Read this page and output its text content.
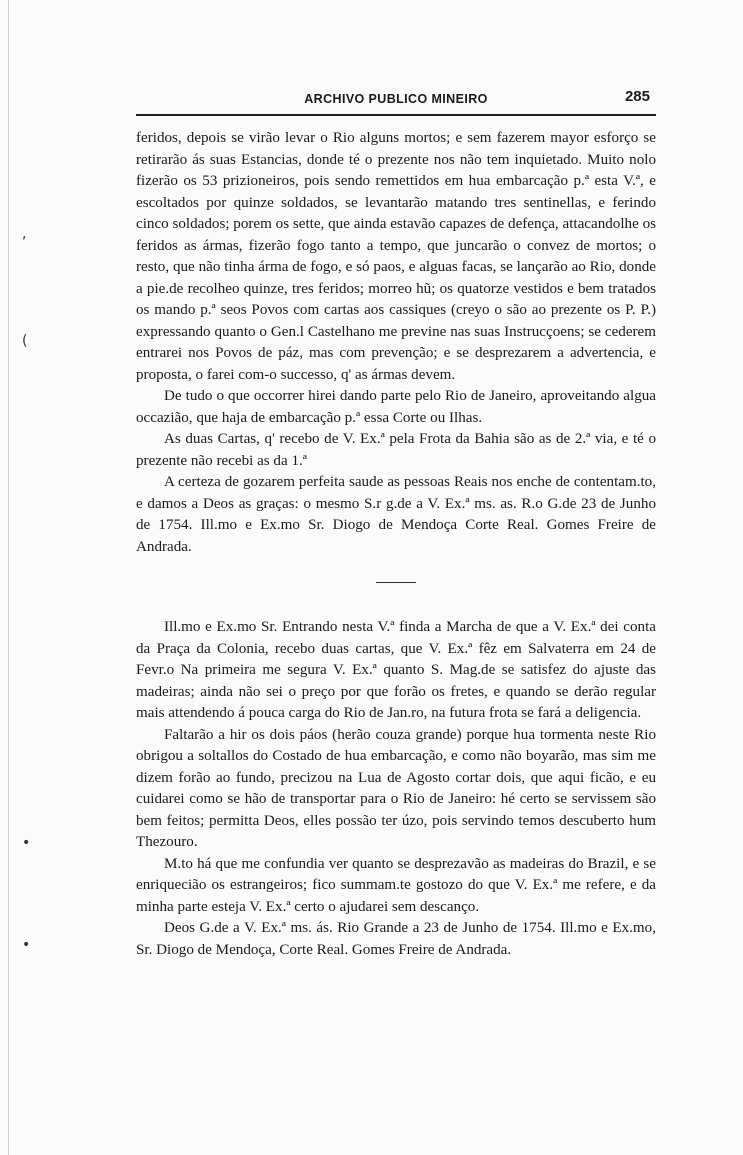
ARCHIVO PUBLICO MINEIRO	285
,
(
•
•

feridos, depois se virão levar o Rio alguns mortos; e sem fazerem mayor esforço se retirarão ás suas Estancias, donde té o prezente nos não tem inquietado. Muito nolo fizerão os 53 prizioneiros, pois sendo remettidos em hua embarcação p.ª esta V.ª, e escoltados por quinze soldados, se levantarão matando tres sentinellas, e ferindo cinco soldados; porem os sette, que ainda estavão capazes de defença, attacandolhe os feridos as ármas, fizerão fogo tanto a tempo, que juncarão o convez de mortos; o resto, que não tinha árma de fogo, e só paos, e alguas facas, se lançarão ao Rio, donde a pie.de recolheo quinze, tres feridos; morreo hũ; os quatorze vestidos e bem tratados os mando p.ª seos Povos com cartas aos cassiques (creyo o são ao prezente os P. P.) expressando quanto o Gen.l Castelhano me previne nas suas Instrucçoens; se cederem entrarei nos Povos de páz, mas com prevenção; e se desprezarem a advertencia, e proposta, o farei com-o successo, q' as ármas devem.

De tudo o que occorrer hirei dando parte pelo Rio de Janeiro, aproveitando algua occazião, que haja de embarcação p.ª essa Corte ou Ilhas.

As duas Cartas, q' recebo de V. Ex.ª pela Frota da Bahia são as de 2.ª via, e té o prezente não recebi as da 1.ª

A certeza de gozarem perfeita saude as pessoas Reais nos enche de contentam.to, e damos a Deos as graças: o mesmo S.r g.de a V. Ex.ª ms. as. R.o G.de 23 de Junho de 1754. Ill.mo e Ex.mo Sr. Diogo de Mendoça Corte Real. Gomes Freire de Andrada.

Ill.mo e Ex.mo Sr. Entrando nesta V.ª finda a Marcha de que a V. Ex.ª dei conta da Praça da Colonia, recebo duas cartas, que V. Ex.ª fêz em Salvaterra em 24 de Fevr.o Na primeira me segura V. Ex.ª quanto S. Mag.de se satisfez do ajuste das madeiras; ainda não sei o preço por que forão os fretes, e quando se derão regular mais attendendo á pouca carga do Rio de Jan.ro, na futura frota se fará a deligencia.

Faltarão a hir os dois páos (herão couza grande) porque hua tormenta neste Rio obrigou a soltallos do Costado de hua embarcação, e como não boyarão, mas sim me dizem forão ao fundo, precizou na Lua de Agosto cortar dois, que aqui ficão, e eu cuidarei como se hão de transportar para o Rio de Janeiro: hé certo se servissem são bem feitos; permitta Deos, elles possão ter úzo, pois servindo temos descuberto hum Thezouro.

M.to há que me confundia ver quanto se desprezavão as madeiras do Brazil, e se enriquecião os estrangeiros; fico summam.te gostozo do que V. Ex.ª me refere, e da minha parte esteja V. Ex.ª certo o ajudarei sem descanço.

Deos G.de a V. Ex.ª ms. ás. Rio Grande a 23 de Junho de 1754. Ill.mo e Ex.mo, Sr. Diogo de Mendoça, Corte Real. Gomes Freire de Andrada.
